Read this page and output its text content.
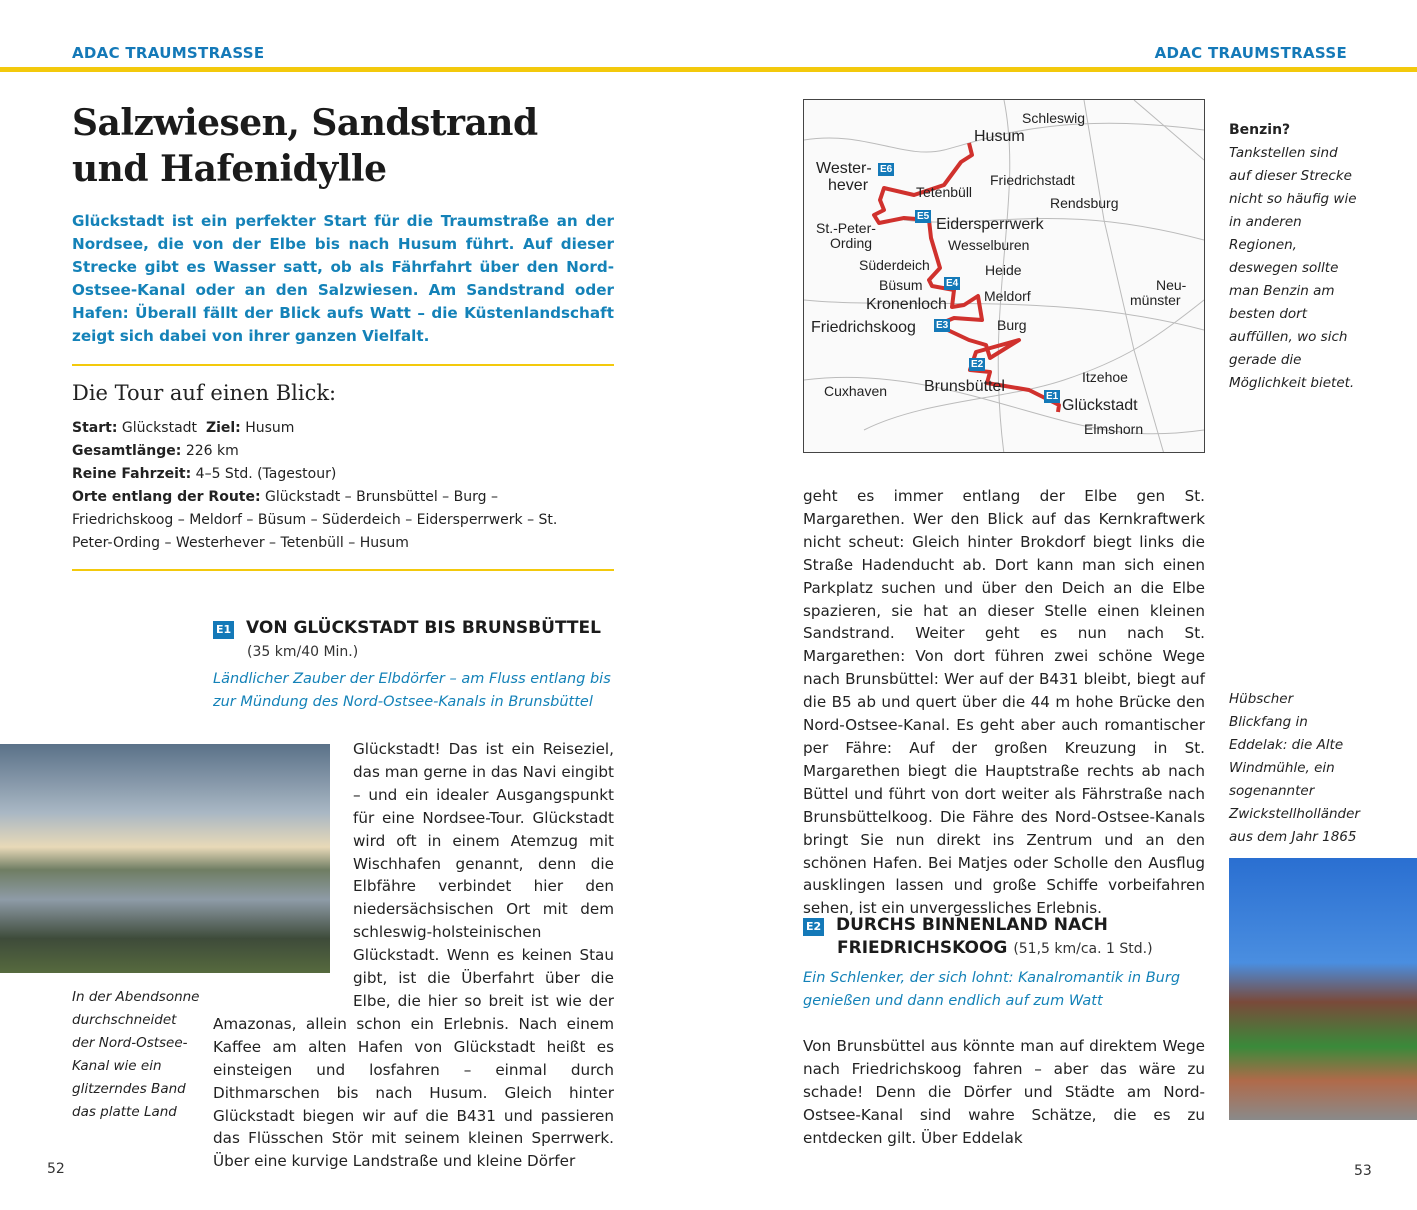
ADAC TRAUMSTRASSE	ADAC TRAUMSTRASSE
Salzwiesen, Sandstrand
und Hafenidylle

Glückstadt ist ein perfekter Start für die Traumstraße an der Nordsee, die von der Elbe bis nach Husum führt. Auf dieser Strecke gibt es Wasser satt, ob als Fährfahrt über den Nord-Ostsee-Kanal oder an den Salzwiesen. Am Sandstrand oder Hafen: Überall fällt der Blick aufs Watt – die Küstenlandschaft zeigt sich dabei von ihrer ganzen Vielfalt.

Die Tour auf einen Blick:
Start: Glückstadt Ziel: Husum
Gesamtlänge: 226 km
Reine Fahrzeit: 4–5 Std. (Tagestour)
Orte entlang der Route: Glückstadt – Brunsbüttel – Burg – Friedrichskoog – Meldorf – Büsum – Süderdeich – Eidersperrwerk – St. Peter-Ording – Westerhever – Tetenbüll – Husum
E1 VON GLÜCKSTADT BIS BRUNSBÜTTEL
(35 km/40 Min.)
Ländlicher Zauber der Elbdörfer – am Fluss entlang bis zur Mündung des Nord-Ostsee-Kanals in Brunsbüttel
Glückstadt! Das ist ein Reiseziel, das man gerne in das Navi eingibt – und ein idealer Ausgangspunkt für eine Nordsee-Tour. Glückstadt wird oft in einem Atemzug mit Wischhafen genannt, denn die Elbfähre verbindet hier den niedersächsischen Ort mit dem schleswig-holsteinischen Glückstadt. Wenn es keinen Stau gibt, ist die Überfahrt über die Elbe, die hier so breit ist wie der Amazonas, allein schon ein Erlebnis. Nach einem Kaffee am alten Hafen von Glückstadt heißt es einsteigen und losfahren – einmal durch Dithmarschen bis nach Husum. Gleich hinter Glückstadt biegen wir auf die B431 und passieren das Flüsschen Stör mit seinem kleinen Sperrwerk. Über eine kurvige Landstraße und kleine Dörfer
In der Abendsonne durchschneidet der Nord-Ostsee-Kanal wie ein glitzerndes Band das platte Land
52
Schleswig
Husum
Wester-
hever	Friedrichstadt
Tetenbüll
Rendsburg
St.-Peter-
Ording
Eidersperrwerk
Wesselburen
Süderdeich	Heide
Büsum	Neu-
münster
Kronenloch	Meldorf
Friedrichskoog	Burg
Itzehoe
Cuxhaven Brunsbüttel
Glückstadt
Elmshorn
E1
E2
E3
E4
E5
E6
Benzin?
Tankstellen sind auf dieser Strecke nicht so häufig wie in anderen Regionen, deswegen sollte man Benzin am besten dort auffüllen, wo sich gerade die Möglichkeit bietet.
geht es immer entlang der Elbe gen St. Margarethen. Wer den Blick auf das Kernkraftwerk nicht scheut: Gleich hinter Brokdorf biegt links die Straße Hadenducht ab. Dort kann man sich einen Parkplatz suchen und über den Deich an die Elbe spazieren, sie hat an dieser Stelle einen kleinen Sandstrand. Weiter geht es nun nach St. Margarethen: Von dort führen zwei schöne Wege nach Brunsbüttel: Wer auf der B431 bleibt, biegt auf die B5 ab und quert über die 44 m hohe Brücke den Nord-Ostsee-Kanal. Es geht aber auch romantischer per Fähre: Auf der großen Kreuzung in St. Margarethen biegt die Hauptstraße rechts ab nach Büttel und führt von dort weiter als Fährstraße nach Brunsbüttelkoog. Die Fähre des Nord-Ostsee-Kanals bringt Sie nun direkt ins Zentrum und an den schönen Hafen. Bei Matjes oder Scholle den Ausflug ausklingen lassen und große Schiffe vorbeifahren sehen, ist ein unvergessliches Erlebnis.
E2 DURCHS BINNENLAND NACH
FRIEDRICHSKOOG (51,5 km/ca. 1 Std.)
Ein Schlenker, der sich lohnt: Kanalromantik in Burg genießen und dann endlich auf zum Watt
Von Brunsbüttel aus könnte man auf direktem Wege nach Friedrichskoog fahren – aber das wäre zu schade! Denn die Dörfer und Städte am Nord-Ostsee-Kanal sind wahre Schätze, die es zu entdecken gilt. Über Eddelak
Hübscher Blickfang in Eddelak: die Alte Windmühle, ein sogenannter Zwickstellholländer aus dem Jahr 1865
53
